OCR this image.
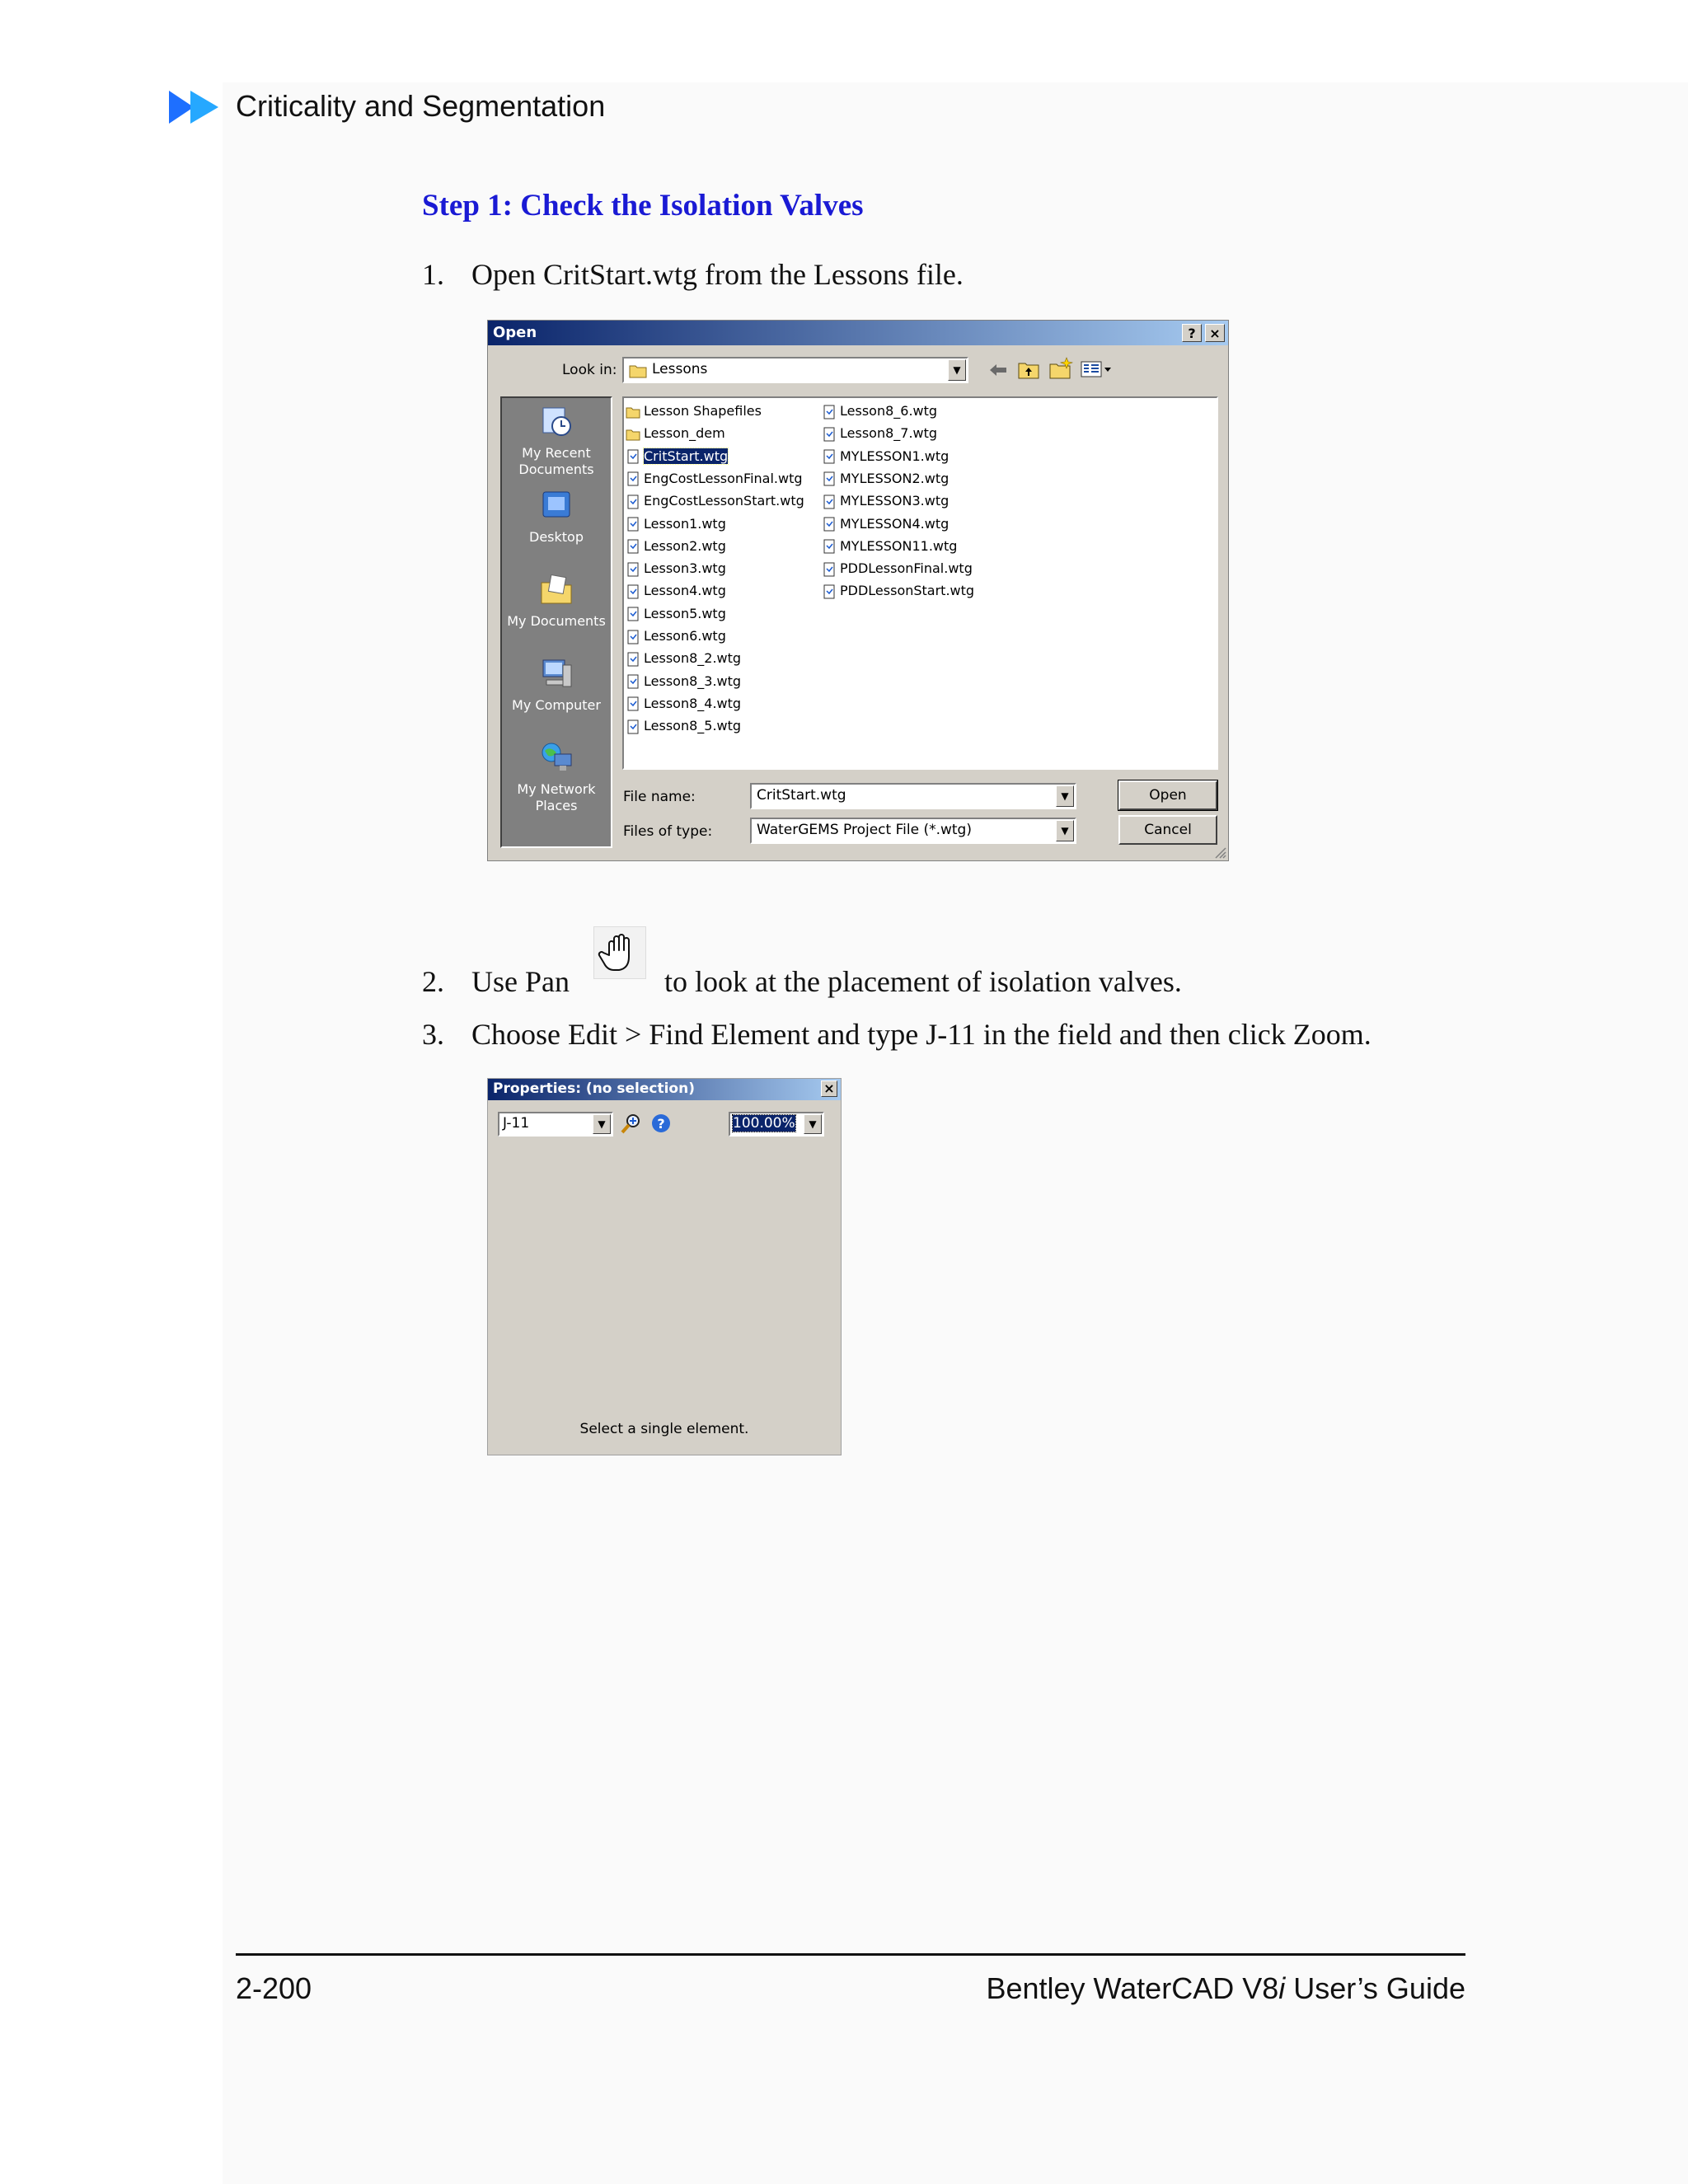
Criticality and Segmentation
Step 1: Check the Isolation Valves
1. Open CritStart.wtg from the Lessons file.
Open	?	×
Look in:	Lessons	▼
My Recent Documents
Desktop
My Documents
My Computer
My Network Places
Lesson Shapefiles
Lesson_dem
CritStart.wtg
EngCostLessonFinal.wtg
EngCostLessonStart.wtg
Lesson1.wtg
Lesson2.wtg
Lesson3.wtg
Lesson4.wtg
Lesson5.wtg
Lesson6.wtg
Lesson8_2.wtg
Lesson8_3.wtg
Lesson8_4.wtg
Lesson8_5.wtg
Lesson8_6.wtg
Lesson8_7.wtg
MYLESSON1.wtg
MYLESSON2.wtg
MYLESSON3.wtg
MYLESSON4.wtg
MYLESSON11.wtg
PDDLessonFinal.wtg
PDDLessonStart.wtg
File name:	CritStart.wtg	▼
Files of type:	WaterGEMS Project File (*.wtg)	▼
Open
Cancel
2. Use Pan	to look at the placement of isolation valves.
3. Choose Edit > Find Element and type J-11 in the field and then click Zoom.
Properties: (no selection)	×
J-11	▼	?	100.00%	▼
Select a single element.
2-200	Bentley WaterCAD V8i User’s Guide
